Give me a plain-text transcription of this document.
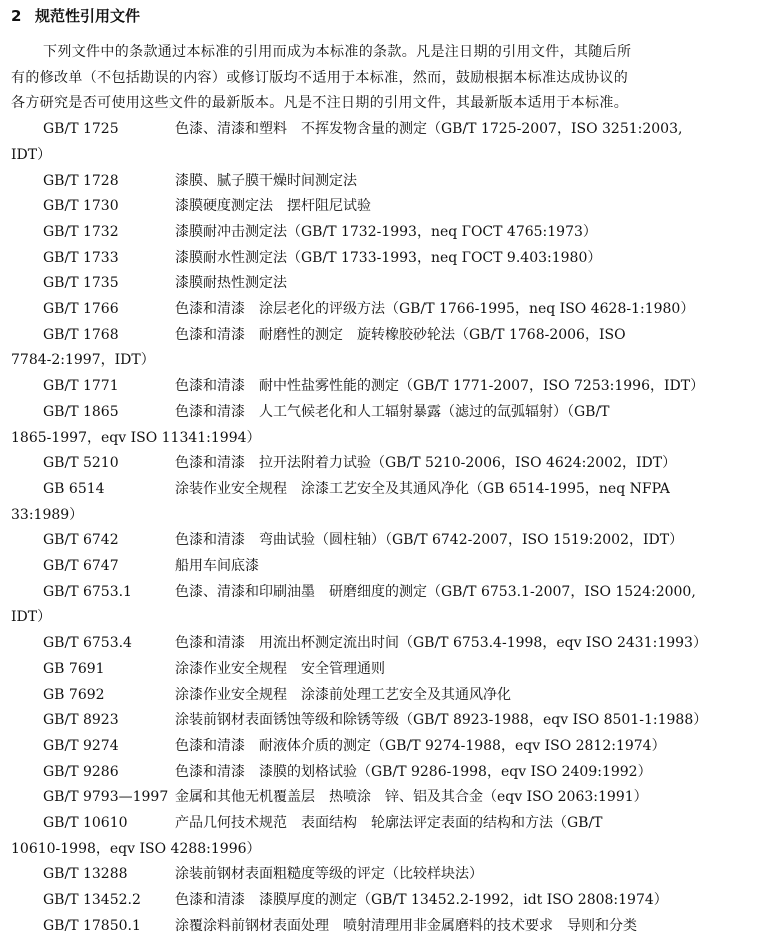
2 规范性引用文件
下列文件中的条款通过本标准的引用而成为本标准的条款。凡是注日期的引用文件，其随后所
有的修改单（不包括勘误的内容）或修订版均不适用于本标准，然而，鼓励根据本标准达成协议的
各方研究是否可使用这些文件的最新版本。凡是不注日期的引用文件，其最新版本适用于本标准。
GB/T 1725	色漆、清漆和塑料　不挥发物含量的测定（GB/T 1725-2007，ISO 3251:2003,
IDT）
GB/T 1728	漆膜、腻子膜干燥时间测定法
GB/T 1730	漆膜硬度测定法　摆杆阻尼试验
GB/T 1732	漆膜耐冲击测定法（GB/T 1732-1993，neq ГОСТ 4765:1973）
GB/T 1733	漆膜耐水性测定法（GB/T 1733-1993，neq ГОСТ 9.403:1980）
GB/T 1735	漆膜耐热性测定法
GB/T 1766	色漆和清漆　涂层老化的评级方法（GB/T 1766-1995，neq ISO 4628-1:1980）
GB/T 1768	色漆和清漆　耐磨性的测定　旋转橡胶砂轮法（GB/T 1768-2006，ISO
7784-2:1997，IDT）
GB/T 1771	色漆和清漆　耐中性盐雾性能的测定（GB/T 1771-2007，ISO 7253:1996，IDT）
GB/T 1865	色漆和清漆　人工气候老化和人工辐射暴露（滤过的氙弧辐射）（GB/T
1865-1997，eqv ISO 11341:1994）
GB/T 5210	色漆和清漆　拉开法附着力试验（GB/T 5210-2006，ISO 4624:2002，IDT）
GB 6514	涂装作业安全规程　涂漆工艺安全及其通风净化（GB 6514-1995，neq NFPA
33:1989）
GB/T 6742	色漆和清漆　弯曲试验（圆柱轴）（GB/T 6742-2007，ISO 1519:2002，IDT）
GB/T 6747	船用车间底漆
GB/T 6753.1	色漆、清漆和印刷油墨　研磨细度的测定（GB/T 6753.1-2007，ISO 1524:2000,
IDT）
GB/T 6753.4	色漆和清漆　用流出杯测定流出时间（GB/T 6753.4-1998，eqv ISO 2431:1993）
GB 7691	涂漆作业安全规程　安全管理通则
GB 7692	涂漆作业安全规程　涂漆前处理工艺安全及其通风净化
GB/T 8923	涂装前钢材表面锈蚀等级和除锈等级（GB/T 8923-1988，eqv ISO 8501-1:1988）
GB/T 9274	色漆和清漆　耐液体介质的测定（GB/T 9274-1988，eqv ISO 2812:1974）
GB/T 9286	色漆和清漆　漆膜的划格试验（GB/T 9286-1998，eqv ISO 2409:1992）
GB/T 9793—1997 金属和其他无机覆盖层　热喷涂　锌、铝及其合金（eqv ISO 2063:1991）
GB/T 10610	产品几何技术规范　表面结构　轮廓法评定表面的结构和方法（GB/T
10610-1998，eqv ISO 4288:1996）
GB/T 13288	涂装前钢材表面粗糙度等级的评定（比较样块法）
GB/T 13452.2 色漆和清漆　漆膜厚度的测定（GB/T 13452.2-1992，idt ISO 2808:1974）
GB/T 17850.1 涂覆涂料前钢材表面处理　喷射清理用非金属磨料的技术要求　导则和分类
